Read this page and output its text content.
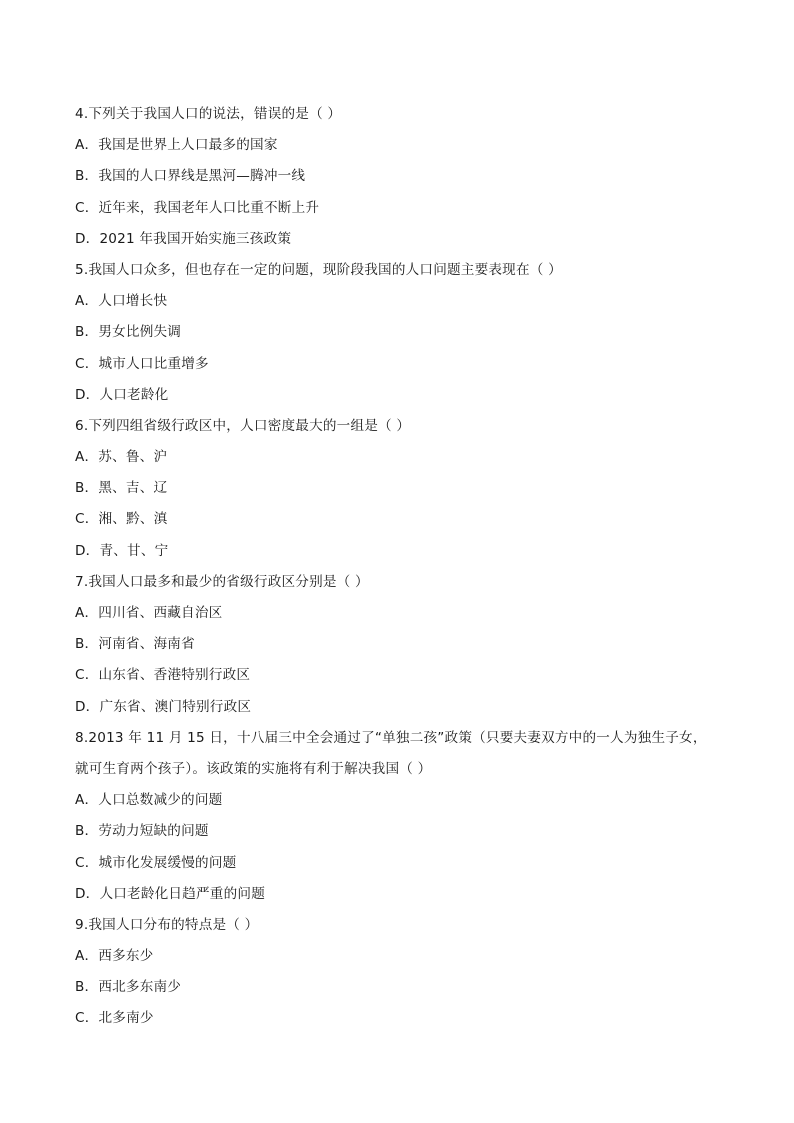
4.下列关于我国人口的说法，错误的是（ ）
A．我国是世界上人口最多的国家
B．我国的人口界线是黑河—腾冲一线
C．近年来，我国老年人口比重不断上升
D．2021 年我国开始实施三孩政策
5.我国人口众多，但也存在一定的问题，现阶段我国的人口问题主要表现在（ ）
A．人口增长快
B．男女比例失调
C．城市人口比重增多
D．人口老龄化
6.下列四组省级行政区中，人口密度最大的一组是（ ）
A．苏、鲁、沪
B．黑、吉、辽
C．湘、黔、滇
D．青、甘、宁
7.我国人口最多和最少的省级行政区分别是（ ）
A．四川省、西藏自治区
B．河南省、海南省
C．山东省、香港特别行政区
D．广东省、澳门特别行政区
8.2013 年 11 月 15 日，十八届三中全会通过了“单独二孩”政策（只要夫妻双方中的一人为独生子女，
就可生育两个孩子）。该政策的实施将有利于解决我国（ ）
A．人口总数减少的问题
B．劳动力短缺的问题
C．城市化发展缓慢的问题
D．人口老龄化日趋严重的问题
9.我国人口分布的特点是（ ）
A．西多东少
B．西北多东南少
C．北多南少
